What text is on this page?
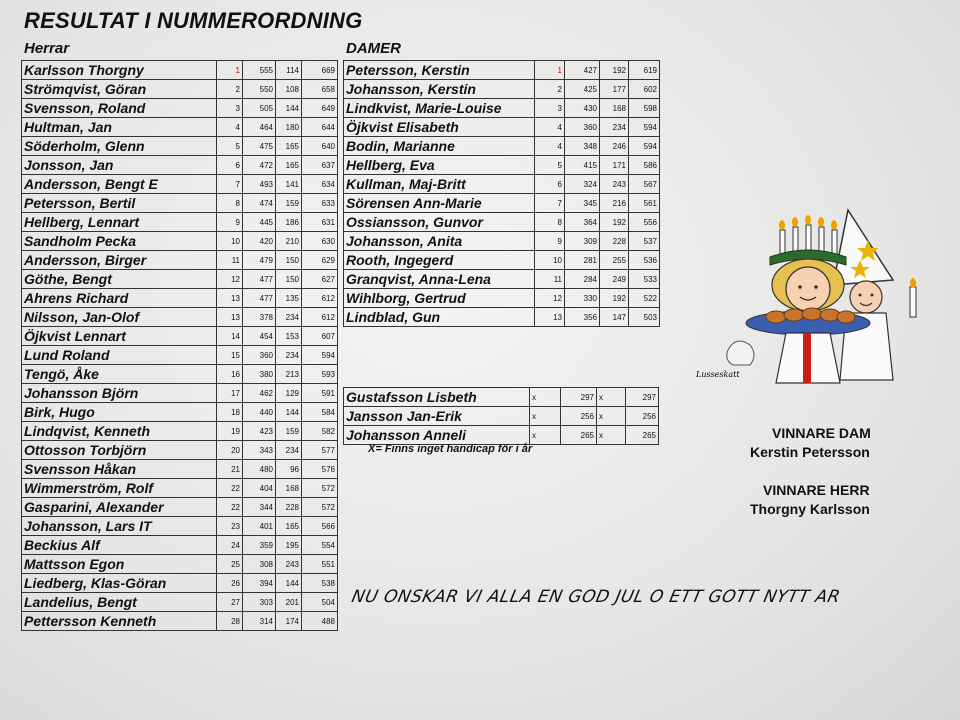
RESULTAT I NUMMERORDNING
Herrar	DAMER
Karlsson Thorgny	1	555	114	669
Strömqvist, Göran	2	550	108	658
Svensson, Roland	3	505	144	649
Hultman, Jan	4	464	180	644
Söderholm, Glenn	5	475	165	640
Jonsson, Jan	6	472	165	637
Andersson, Bengt E	7	493	141	634
Petersson, Bertil	8	474	159	633
Hellberg, Lennart	9	445	186	631
Sandholm Pecka	10	420	210	630
Andersson, Birger	11	479	150	629
Göthe, Bengt	12	477	150	627
Ahrens Richard	13	477	135	612
Nilsson, Jan-Olof	13	378	234	612
Öjkvist Lennart	14	454	153	607
Lund Roland	15	360	234	594
Tengö, Åke	16	380	213	593
Johansson Björn	17	462	129	591
Birk, Hugo	18	440	144	584
Lindqvist, Kenneth	19	423	159	582
Ottosson Torbjörn	20	343	234	577
Svensson Håkan	21	480	96	576
Wimmerström, Rolf	22	404	168	572
Gasparini, Alexander	22	344	228	572
Johansson, Lars IT	23	401	165	566
Beckius Alf	24	359	195	554
Mattsson Egon	25	308	243	551
Liedberg, Klas-Göran	26	394	144	538
Landelius, Bengt	27	303	201	504
Pettersson Kenneth	28	314	174	488
Petersson, Kerstin	1	427	192	619
Johansson, Kerstin	2	425	177	602
Lindkvist, Marie-Louise	3	430	168	598
Öjkvist Elisabeth	4	360	234	594
Bodin, Marianne	4	348	246	594
Hellberg, Eva	5	415	171	586
Kullman, Maj-Britt	6	324	243	567
Sörensen Ann-Marie	7	345	216	561
Ossiansson, Gunvor	8	364	192	556
Johansson, Anita	9	309	228	537
Rooth, Ingegerd	10	281	255	536
Granqvist, Anna-Lena	11	284	249	533
Wihlborg, Gertrud	12	330	192	522
Lindblad, Gun	13	356	147	503
Gustafsson Lisbeth	x	297	x	297
Jansson Jan-Erik	x	256	x	256
Johansson Anneli	x	265	x	265
X= Finns inget handicap för i år
VINNARE DAM
Kerstin Petersson
VINNARE HERR
Thorgny Karlsson
NU ONSKAR VI ALLA EN GOD JUL O ETT GOTT NYTT AR
Lusseskatt
